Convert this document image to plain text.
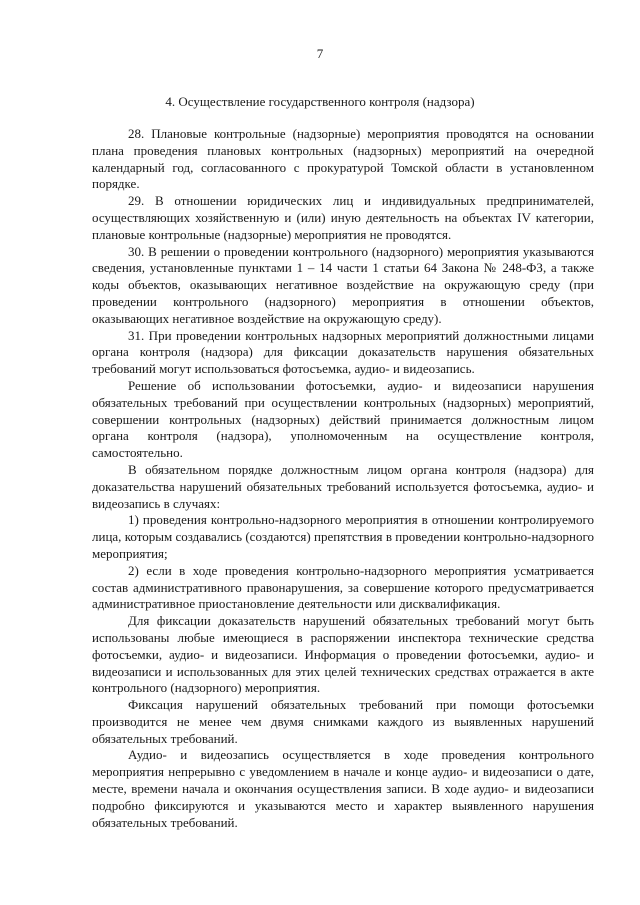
7
4. Осуществление государственного контроля (надзора)

28. Плановые контрольные (надзорные) мероприятия проводятся на основании плана проведения плановых контрольных (надзорных) мероприятий на очередной календарный год, согласованного с прокуратурой Томской области в установленном порядке.

29. В отношении юридических лиц и индивидуальных предпринимателей, осуществляющих хозяйственную и (или) иную деятельность на объектах IV категории, плановые контрольные (надзорные) мероприятия не проводятся.

30. В решении о проведении контрольного (надзорного) мероприятия указываются сведения, установленные пунктами 1 – 14 части 1 статьи 64 Закона № 248-ФЗ, а также коды объектов, оказывающих негативное воздействие на окружающую среду (при проведении контрольного (надзорного) мероприятия в отношении объектов, оказывающих негативное воздействие на окружающую среду).

31. При проведении контрольных надзорных мероприятий должностными лицами органа контроля (надзора) для фиксации доказательств нарушения обязательных требований могут использоваться фотосъемка, аудио- и видеозапись.

Решение об использовании фотосъемки, аудио- и видеозаписи нарушения обязательных требований при осуществлении контрольных (надзорных) мероприятий, совершении контрольных (надзорных) действий принимается должностным лицом органа контроля (надзора), уполномоченным на осуществление контроля, самостоятельно.

В обязательном порядке должностным лицом органа контроля (надзора) для доказательства нарушений обязательных требований используется фотосъемка, аудио- и видеозапись в случаях:

1) проведения контрольно-надзорного мероприятия в отношении контролируемого лица, которым создавались (создаются) препятствия в проведении контрольно-надзорного мероприятия;

2) если в ходе проведения контрольно-надзорного мероприятия усматривается состав административного правонарушения, за совершение которого предусматривается административное приостановление деятельности или дисквалификация.

Для фиксации доказательств нарушений обязательных требований могут быть использованы любые имеющиеся в распоряжении инспектора технические средства фотосъемки, аудио- и видеозаписи. Информация о проведении фотосъемки, аудио- и видеозаписи и использованных для этих целей технических средствах отражается в акте контрольного (надзорного) мероприятия.

Фиксация нарушений обязательных требований при помощи фотосъемки производится не менее чем двумя снимками каждого из выявленных нарушений обязательных требований.

Аудио- и видеозапись осуществляется в ходе проведения контрольного мероприятия непрерывно с уведомлением в начале и конце аудио- и видеозаписи о дате, месте, времени начала и окончания осуществления записи. В ходе аудио- и видеозаписи подробно фиксируются и указываются место и характер выявленного нарушения обязательных требований.
